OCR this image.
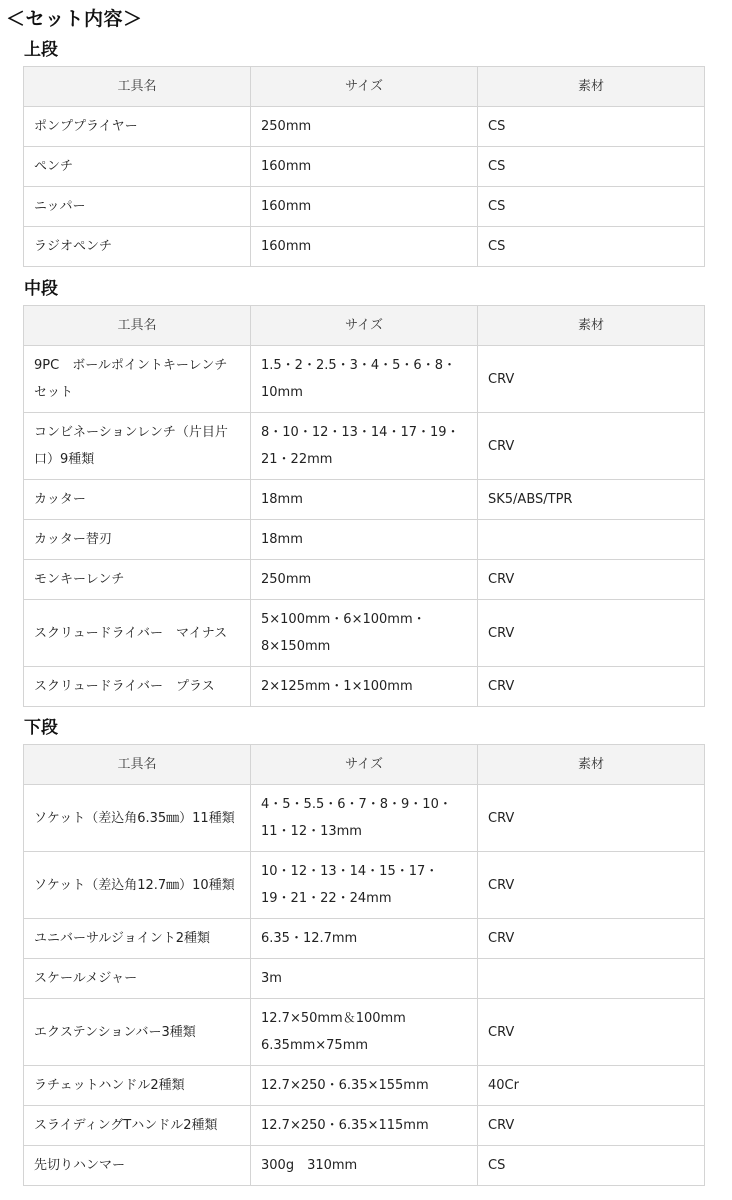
＜セット内容＞
上段
工具名	サイズ	素材
ポンププライヤー	250mm	CS
ペンチ	160mm	CS
ニッパー	160mm	CS
ラジオペンチ	160mm	CS
中段
工具名	サイズ	素材
9PC　ボールポイントキーレンチセット	1.5・2・2.5・3・4・5・6・8・10mm	CRV
コンビネーションレンチ（片目片口）9種類	8・10・12・13・14・17・19・21・22mm	CRV
カッター	18mm	SK5/ABS/TPR
カッター替刃	18mm	
モンキーレンチ	250mm	CRV
スクリュードライバー　マイナス	5×100mm・6×100mm・8×150mm	CRV
スクリュードライバー　プラス	2×125mm・1×100mm	CRV
下段
工具名	サイズ	素材
ソケット（差込角6.35㎜）11種類	4・5・5.5・6・7・8・9・10・11・12・13mm	CRV
ソケット（差込角12.7㎜）10種類	10・12・13・14・15・17・19・21・22・24mm	CRV
ユニバーサルジョイント2種類	6.35・12.7mm	CRV
スケールメジャー	3m	
エクステンションバー3種類	12.7×50mm＆100mm 6.35mm×75mm	CRV
ラチェットハンドル2種類	12.7×250・6.35×155mm	40Cr
スライディングTハンドル2種類	12.7×250・6.35×115mm	CRV
先切りハンマー	300g　310mm	CS
